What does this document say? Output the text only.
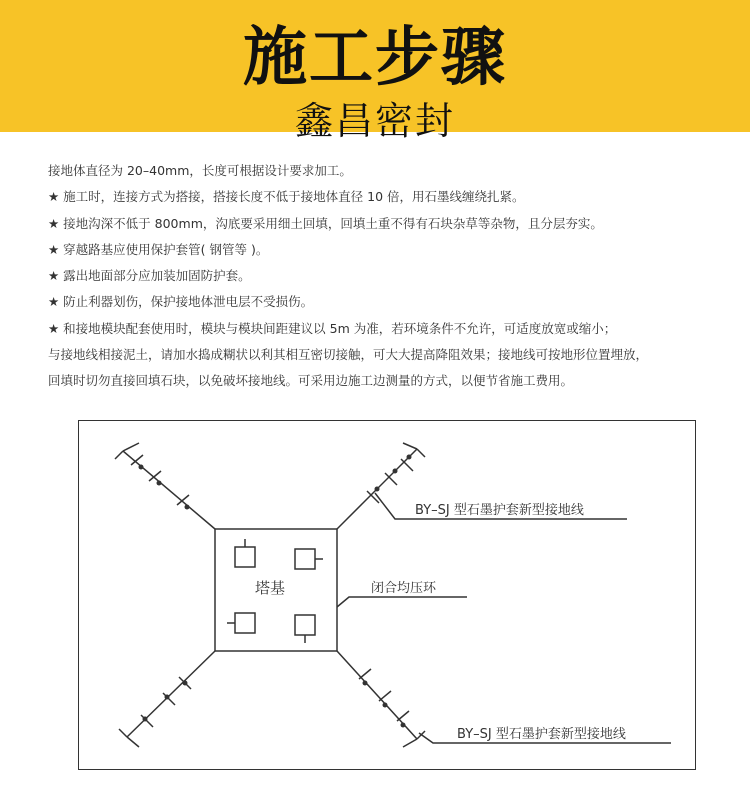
施工步骤
鑫昌密封

接地体直径为 20–40mm，长度可根据设计要求加工。

★ 施工时，连接方式为搭接，搭接长度不低于接地体直径 10 倍，用石墨线缠绕扎紧。

★ 接地沟深不低于 800mm，沟底要采用细土回填，回填土重不得有石块杂草等杂物，且分层夯实。

★ 穿越路基应使用保护套管( 钢管等 )。

★ 露出地面部分应加装加固防护套。

★ 防止利器划伤，保护接地体泄电层不受损伤。

★ 和接地模块配套使用时，模块与模块间距建议以 5m 为准，若环境条件不允许，可适度放宽或缩小；

与接地线相接泥土，请加水捣成糊状以利其相互密切接触，可大大提高降阻效果；接地线可按地形位置埋放，

回填时切勿直接回填石块，以免破坏接地线。可采用边施工边测量的方式，以便节省施工费用。

塔基
BY–SJ 型石墨护套新型接地线
闭合均压环
BY–SJ 型石墨护套新型接地线
